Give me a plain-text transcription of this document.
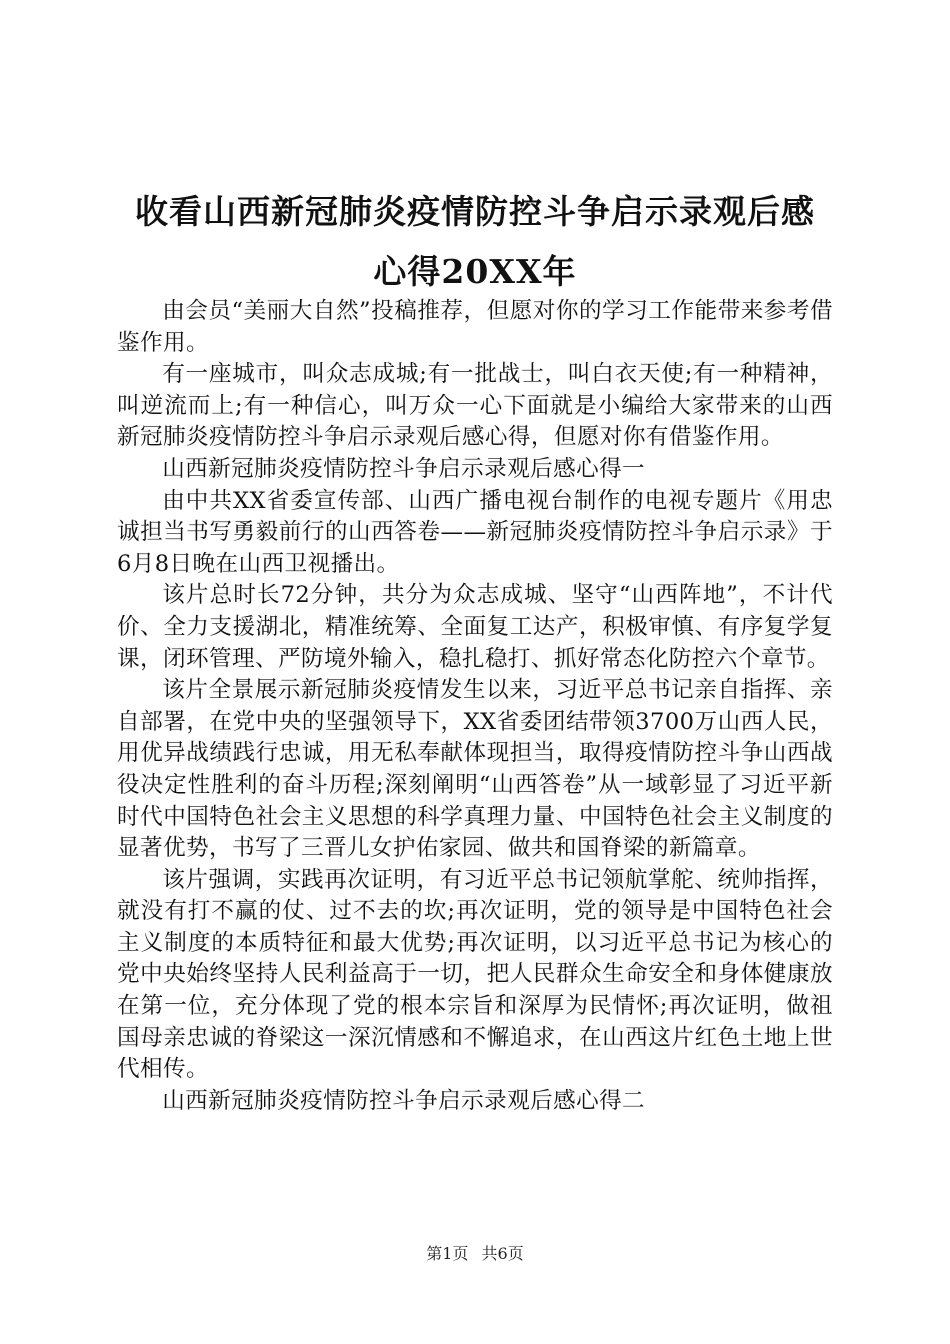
收看山西新冠肺炎疫情防控斗争启示录观后感
心得20XX年

由会员“美丽大自然”投稿推荐，但愿对你的学习工作能带来参考借鉴作用。

有一座城市，叫众志成城;有一批战士，叫白衣天使;有一种精神，叫逆流而上;有一种信心，叫万众一心下面就是小编给大家带来的山西新冠肺炎疫情防控斗争启示录观后感心得，但愿对你有借鉴作用。

山西新冠肺炎疫情防控斗争启示录观后感心得一

由中共XX省委宣传部、山西广播电视台制作的电视专题片《用忠诚担当书写勇毅前行的山西答卷——新冠肺炎疫情防控斗争启示录》于6月8日晚在山西卫视播出。

该片总时长72分钟，共分为众志成城、坚守“山西阵地”，不计代价、全力支援湖北，精准统筹、全面复工达产，积极审慎、有序复学复课，闭环管理、严防境外输入，稳扎稳打、抓好常态化防控六个章节。

该片全景展示新冠肺炎疫情发生以来，习近平总书记亲自指挥、亲自部署，在党中央的坚强领导下，XX省委团结带领3700万山西人民，用优异战绩践行忠诚，用无私奉献体现担当，取得疫情防控斗争山西战役决定性胜利的奋斗历程;深刻阐明“山西答卷”从一域彰显了习近平新时代中国特色社会主义思想的科学真理力量、中国特色社会主义制度的显著优势，书写了三晋儿女护佑家园、做共和国脊梁的新篇章。

该片强调，实践再次证明，有习近平总书记领航掌舵、统帅指挥，就没有打不赢的仗、过不去的坎;再次证明，党的领导是中国特色社会主义制度的本质特征和最大优势;再次证明，以习近平总书记为核心的党中央始终坚持人民利益高于一切，把人民群众生命安全和身体健康放在第一位，充分体现了党的根本宗旨和深厚为民情怀;再次证明，做祖国母亲忠诚的脊梁这一深沉情感和不懈追求，在山西这片红色土地上世代相传。

山西新冠肺炎疫情防控斗争启示录观后感心得二

第1页 共6页
